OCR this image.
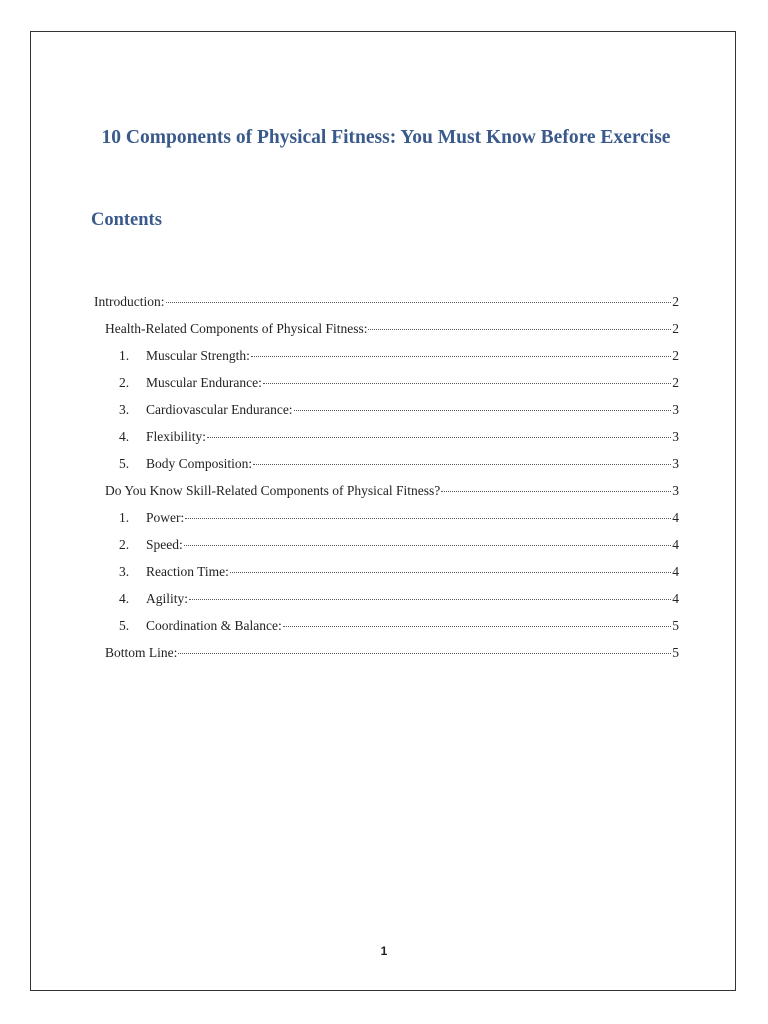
10 Components of Physical Fitness: You Must Know Before Exercise
Contents
Introduction:	2
Health-Related Components of Physical Fitness:	2
1.	Muscular Strength:	2
2.	Muscular Endurance:	2
3.	Cardiovascular Endurance:	3
4.	Flexibility:	3
5.	Body Composition:	3
Do You Know Skill-Related Components of Physical Fitness?	3
1.	Power:	4
2.	Speed:	4
3.	Reaction Time:	4
4.	Agility:	4
5.	Coordination & Balance:	5
Bottom Line:	5
1
